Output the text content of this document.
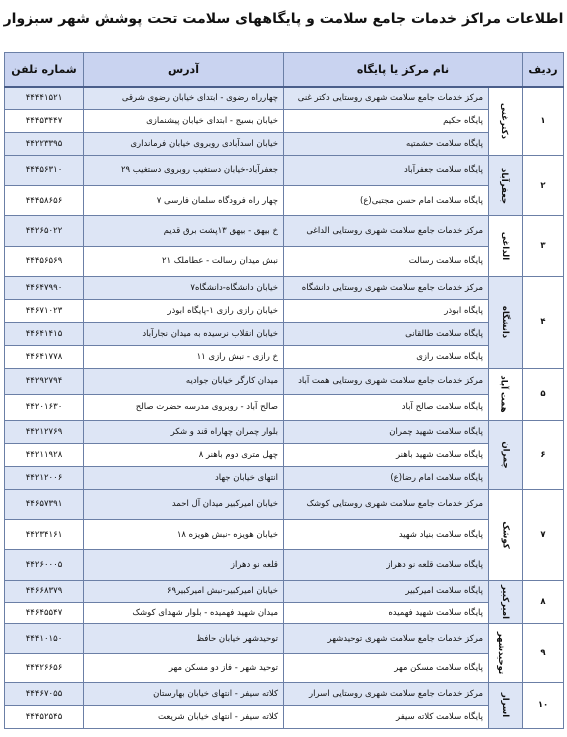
اطلاعات مراکز خدمات جامع سلامت و پایگاههای سلامت تحت پوشش شهر سبزوار
ردیف	نام مرکز یا پایگاه		آدرس	شماره تلفن
۱	دکترغنی	مرکز خدمات جامع سلامت شهری روستایی دکتر غنی	چهارراه رضوی - ابتدای خیابان رضوی شرقی	۴۴۴۴۱۵۲۱
		پایگاه حکیم	خیابان بسیج - ابتدای خیابان پیشنمازی	۴۴۴۵۳۴۴۷
		پایگاه سلامت حشمتیه	خیابان اسدآبادی روبروی خیابان فرمانداری	۴۴۲۲۳۳۹۵
۲	جعفرآباد	پایگاه سلامت جعفرآباد	جعفرآباد-خیابان دستغیب روبروی دستغیب ۲۹	۴۴۴۵۶۳۱۰
		پایگاه سلامت امام حسن مجتبی(ع)	چهار راه فرودگاه سلمان فارسی ۷	۴۴۴۵۸۶۵۶
۳	الداغی	مرکز خدمات جامع سلامت شهری روستایی الداغی	خ بیهق - بیهق ۱۳پشت برق قدیم	۴۴۲۶۵۰۲۲
		پایگاه سلامت رسالت	نبش میدان رسالت - عطاملک ۲۱	۴۴۴۵۶۵۶۹
۴	دانشگاه	مرکز خدمات جامع سلامت شهری روستایی دانشگاه	خیابان دانشگاه-دانشگاه۷	۴۴۶۴۷۹۹۰
		پایگاه ابوذر	خیابان رازی رازی ۱-پایگاه ابوذر	۴۴۶۷۱۰۲۳
		پایگاه سلامت طالقانی	خیابان انقلاب نرسیده به میدان نجارآباد	۴۴۶۴۱۴۱۵
		پایگاه سلامت رازی	خ رازی - نبش رازی ۱۱	۴۴۶۴۱۷۷۸
۵	همت آباد	مرکز خدمات جامع سلامت شهری روستایی همت آباد	میدان کارگر خیابان جوادیه	۴۴۲۹۲۷۹۴
		پایگاه سلامت صالح آباد	صالح آباد - روبروی مدرسه حضرت صالح	۴۴۲۰۱۶۳۰
۶	چمران	پایگاه سلامت شهید چمران	بلوار چمران چهاراه قند و شکر	۴۴۲۱۲۷۶۹
		پایگاه سلامت شهید باهنر	چهل متری دوم باهنر ۸	۴۴۲۱۱۹۲۸
		پایگاه سلامت امام رضا(ع)	انتهای خیابان جهاد	۴۴۲۱۲۰۰۶
۷	کوشک	مرکز خدمات جامع سلامت شهری روستایی کوشک	خیابان امیرکبیر میدان آل احمد	۴۴۶۵۷۳۹۱
		پایگاه سلامت بنیاد شهید	خیابان هویزه -نبش هویزه ۱۸	۴۴۲۳۴۱۶۱
		پایگاه سلامت قلعه نو دهراز	قلعه نو دهراز	۴۴۲۶۰۰۰۵
۸	امیرکبیر	پایگاه سلامت امیرکبیر	خیابان امیرکبیر-نبش امیرکبیر۶۹	۴۴۶۶۸۳۷۹
		پایگاه سلامت شهید فهمیده	میدان شهید فهمیده - بلوار شهدای کوشک	۴۴۶۴۵۵۴۷
۹	توحیدشهر	مرکز خدمات جامع سلامت شهری توحیدشهر	توحیدشهر خیابان حافظ	۴۴۴۱۰۱۵۰
		پایگاه سلامت مسکن مهر	توحید شهر - فاز دو مسکن مهر	۴۴۴۲۶۶۵۶
۱۰	اسرار	مرکز خدمات جامع سلامت شهری روستایی اسرار	کلاته سیفر - انتهای خیابان بهارستان	۴۴۴۶۷۰۵۵
		پایگاه سلامت کلاته سیفر	کلاته سیفر - انتهای خیابان شریعت	۴۴۴۵۲۵۴۵
